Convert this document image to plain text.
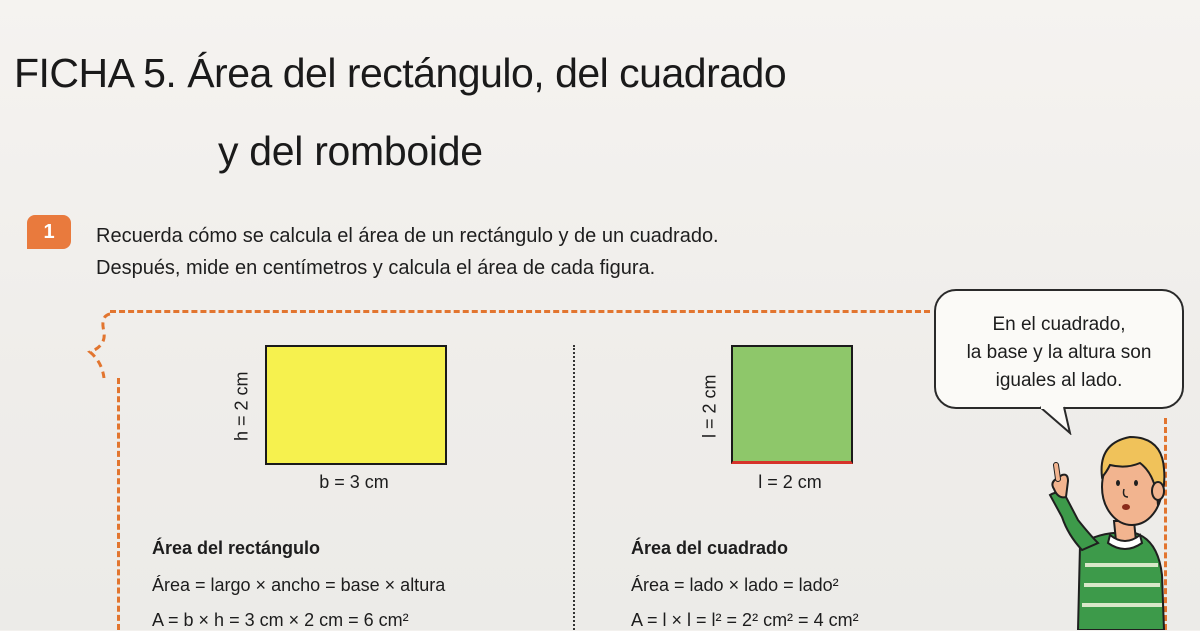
FICHA 5. Área del rectángulo, del cuadrado
y del romboide
1	Recuerda cómo se calcula el área de un rectángulo y de un cuadrado.
Después, mide en centímetros y calcula el área de cada figura.
h = 2 cm
b = 3 cm
l = 2 cm
l = 2 cm
Área del rectángulo
Área = largo × ancho = base × altura
A = b × h = 3 cm × 2 cm = 6 cm²
Área del cuadrado
Área = lado × lado = lado²
A = l × l = l² = 2² cm² = 4 cm²
En el cuadrado,
la base y la altura son
iguales al lado.
